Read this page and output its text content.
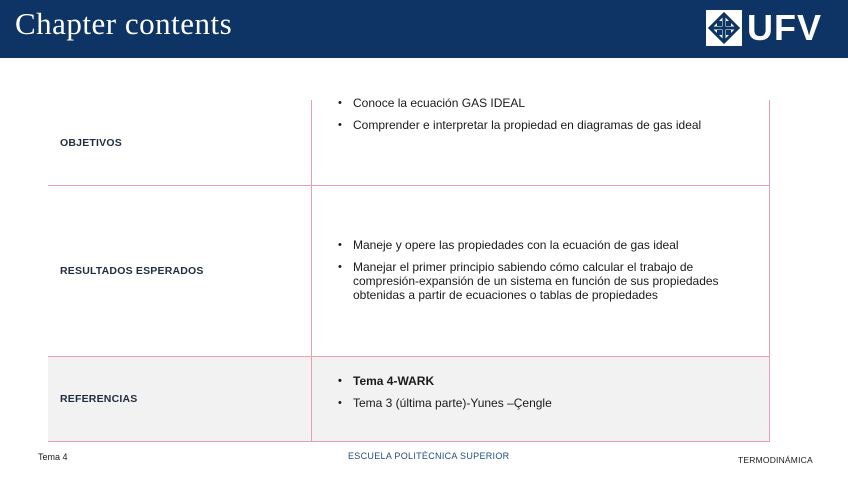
Chapter contents	UFV
OBJETIVOS
• Conoce la ecuación GAS IDEAL
• Comprender e interpretar la propiedad en diagramas de gas ideal
RESULTADOS ESPERADOS
• Maneje y opere las propiedades con la ecuación de gas ideal
• Manejar el primer principio sabiendo cómo calcular el trabajo de compresión-expansión de un sistema en función de sus propiedades obtenidas a partir de ecuaciones o tablas de propiedades
REFERENCIAS
• Tema 4-WARK
• Tema 3 (última parte)-Yunes –Çengle
Tema 4	ESCUELA POLITÉCNICA SUPERIOR	TERMODINÁMICA
